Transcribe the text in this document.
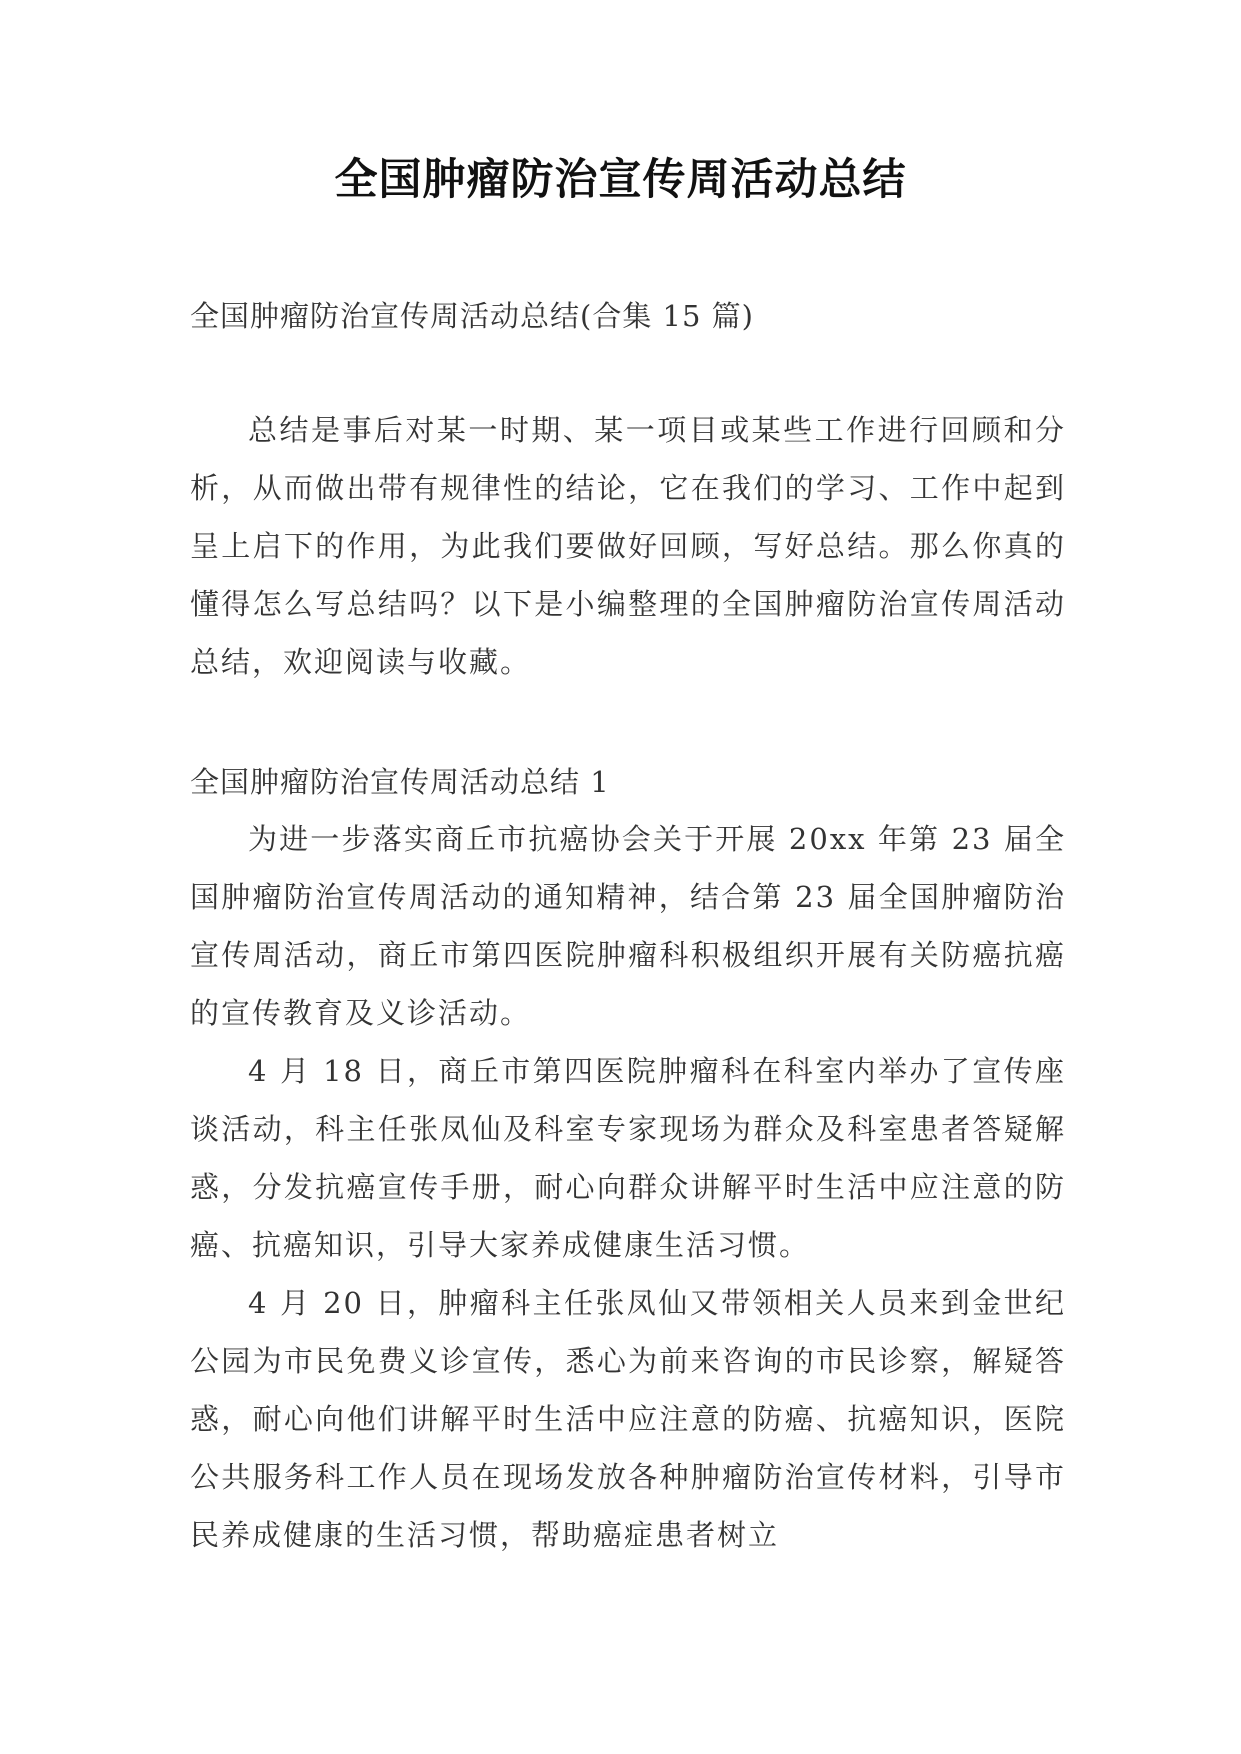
全国肿瘤防治宣传周活动总结
全国肿瘤防治宣传周活动总结(合集 15 篇)

总结是事后对某一时期、某一项目或某些工作进行回顾和分析，从而做出带有规律性的结论，它在我们的学习、工作中起到呈上启下的作用，为此我们要做好回顾，写好总结。那么你真的懂得怎么写总结吗？以下是小编整理的全国肿瘤防治宣传周活动总结，欢迎阅读与收藏。

全国肿瘤防治宣传周活动总结 1

为进一步落实商丘市抗癌协会关于开展 20xx 年第 23 届全国肿瘤防治宣传周活动的通知精神，结合第 23 届全国肿瘤防治宣传周活动，商丘市第四医院肿瘤科积极组织开展有关防癌抗癌的宣传教育及义诊活动。

4 月 18 日，商丘市第四医院肿瘤科在科室内举办了宣传座谈活动，科主任张凤仙及科室专家现场为群众及科室患者答疑解惑，分发抗癌宣传手册，耐心向群众讲解平时生活中应注意的防癌、抗癌知识，引导大家养成健康生活习惯。

4 月 20 日，肿瘤科主任张凤仙又带领相关人员来到金世纪公园为市民免费义诊宣传，悉心为前来咨询的市民诊察，解疑答惑，耐心向他们讲解平时生活中应注意的防癌、抗癌知识，医院公共服务科工作人员在现场发放各种肿瘤防治宣传材料，引导市民养成健康的生活习惯，帮助癌症患者树立
